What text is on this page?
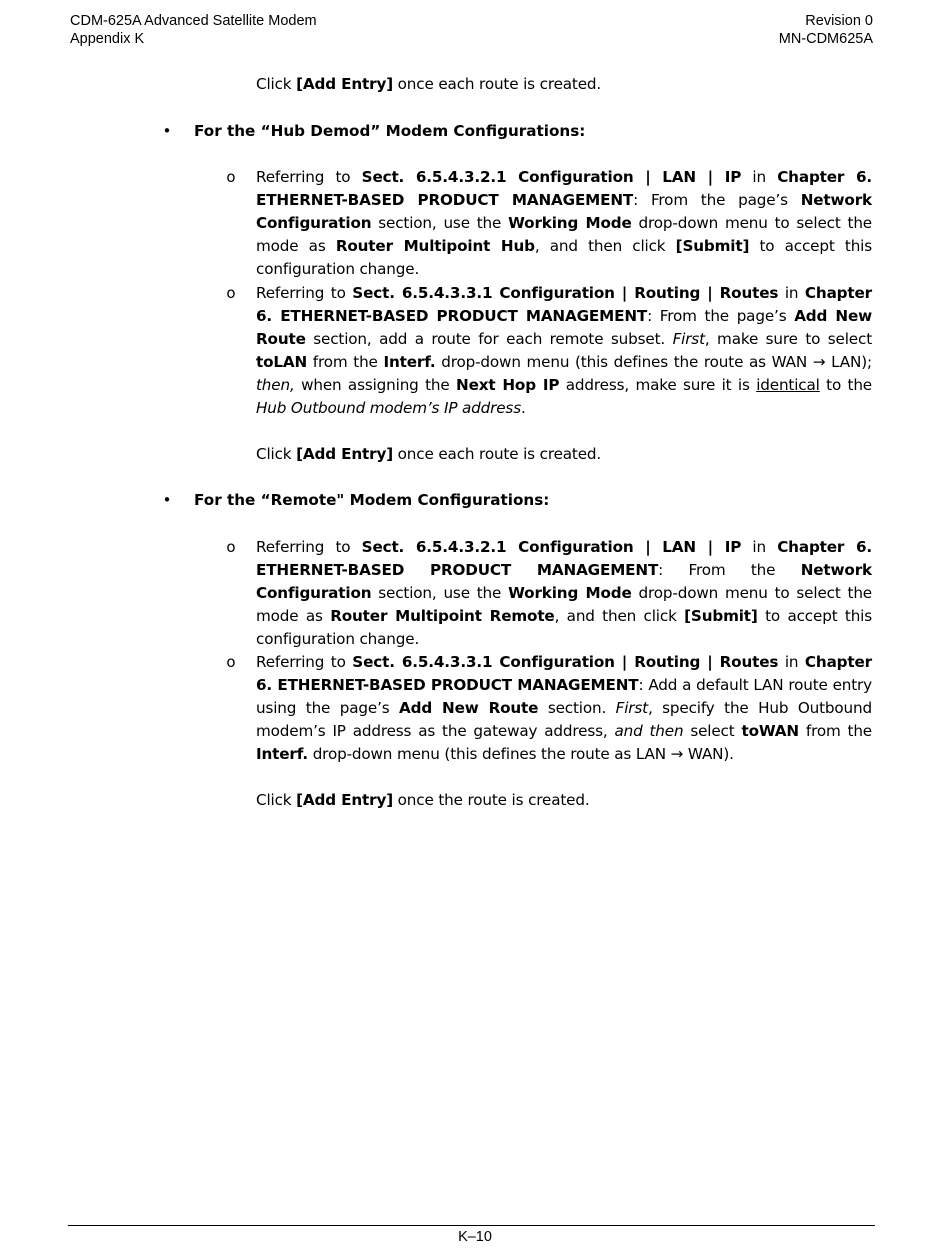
CDM-625A Advanced Satellite Modem	Revision 0
Appendix K	MN-CDM625A
Click [Add Entry] once each route is created.
• For the “Hub Demod” Modem Configurations:
o Referring to Sect. 6.5.4.3.2.1 Configuration | LAN | IP in Chapter 6. ETHERNET-BASED PRODUCT MANAGEMENT: From the page’s Network Configuration section, use the Working Mode drop-down menu to select the mode as Router Multipoint Hub, and then click [Submit] to accept this configuration change.
o Referring to Sect. 6.5.4.3.3.1 Configuration | Routing | Routes in Chapter 6. ETHERNET-BASED PRODUCT MANAGEMENT: From the page’s Add New Route section, add a route for each remote subset. First, make sure to select toLAN from the Interf. drop-down menu (this defines the route as WAN → LAN); then, when assigning the Next Hop IP address, make sure it is identical to the Hub Outbound modem’s IP address.
Click [Add Entry] once each route is created.
• For the “Remote" Modem Configurations:
o Referring to Sect. 6.5.4.3.2.1 Configuration | LAN | IP in Chapter 6. ETHERNET-BASED PRODUCT MANAGEMENT: From the Network Configuration section, use the Working Mode drop-down menu to select the mode as Router Multipoint Remote, and then click [Submit] to accept this configuration change.
o Referring to Sect. 6.5.4.3.3.1 Configuration | Routing | Routes in Chapter 6. ETHERNET-BASED PRODUCT MANAGEMENT: Add a default LAN route entry using the page’s Add New Route section. First, specify the Hub Outbound modem’s IP address as the gateway address, and then select toWAN from the Interf. drop-down menu (this defines the route as LAN → WAN).
Click [Add Entry] once the route is created.
K–10
